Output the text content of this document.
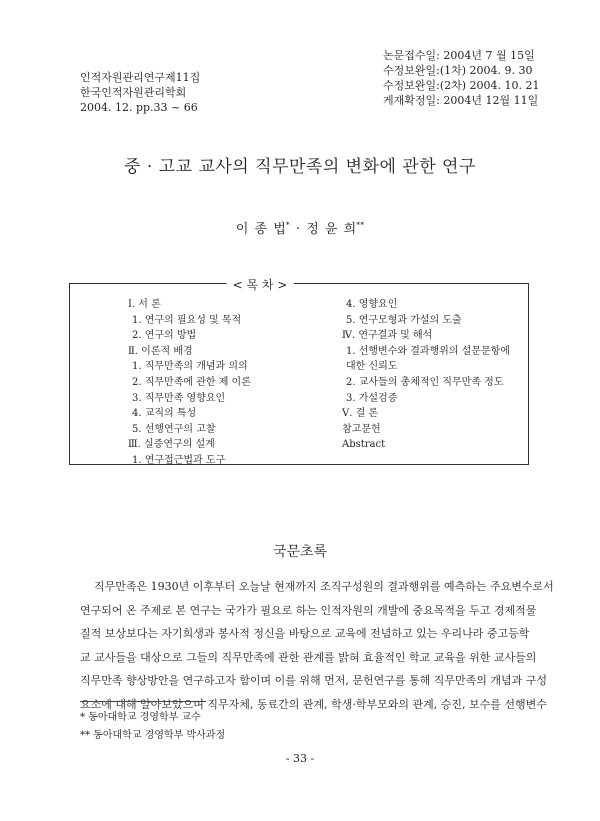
인적자원관리연구제11집
한국인적자원관리학회
2004. 12. pp.33 ~ 66
논문접수일: 2004년 7 월 15일
수정보완일:(1차) 2004. 9. 30
수정보완일:(2차) 2004. 10. 21
게재확정일: 2004년 12월 11일
중 · 고교 교사의 직무만족의 변화에 관한 연구
이 종 법* · 정 윤 희**
< 목 차 >
Ⅰ. 서 론
1. 연구의 필요성 및 목적
2. 연구의 방법
Ⅱ. 이론적 배경
1. 직무만족의 개념과 의의
2. 직무만족에 관한 제 이론
3. 직무만족 영향요인
4. 교직의 특성
5. 선행연구의 고찰
Ⅲ. 실증연구의 설계
1. 연구접근법과 도구
4. 영향요인
5. 연구모형과 가설의 도출
Ⅳ. 연구결과 및 해석
1. 선행변수와 결과행위의 설문문항에
대한 신뢰도
2. 교사들의 총체적인 직무만족 정도
3. 가설검증
Ⅴ. 결 론
참고문헌
Abstract
국문초록
직무만족은 1930년 이후부터 오늘날 현재까지 조직구성원의 결과행위를 예측하는 주요변수로서
연구되어 온 주제로 본 연구는 국가가 필요로 하는 인적자원의 개발에 중요목적을 두고 경제적물
질적 보상보다는 자기희생과 봉사적 정신을 바탕으로 교육에 전념하고 있는 우리나라 중고등학
교 교사들을 대상으로 그들의 직무만족에 관한 관계를 밝혀 효율적인 학교 교육을 위한 교사들의
직무만족 향상방안을 연구하고자 함이며 이를 위해 먼저, 문헌연구를 통해 직무만족의 개념과 구성
요소에 대해 알아보았으며 직무자체, 동료간의 관계, 학생·학부모와의 관계, 승진, 보수를 선행변수
* 동아대학교 경영학부 교수
** 동아대학교 경영학부 박사과정
- 33 -
